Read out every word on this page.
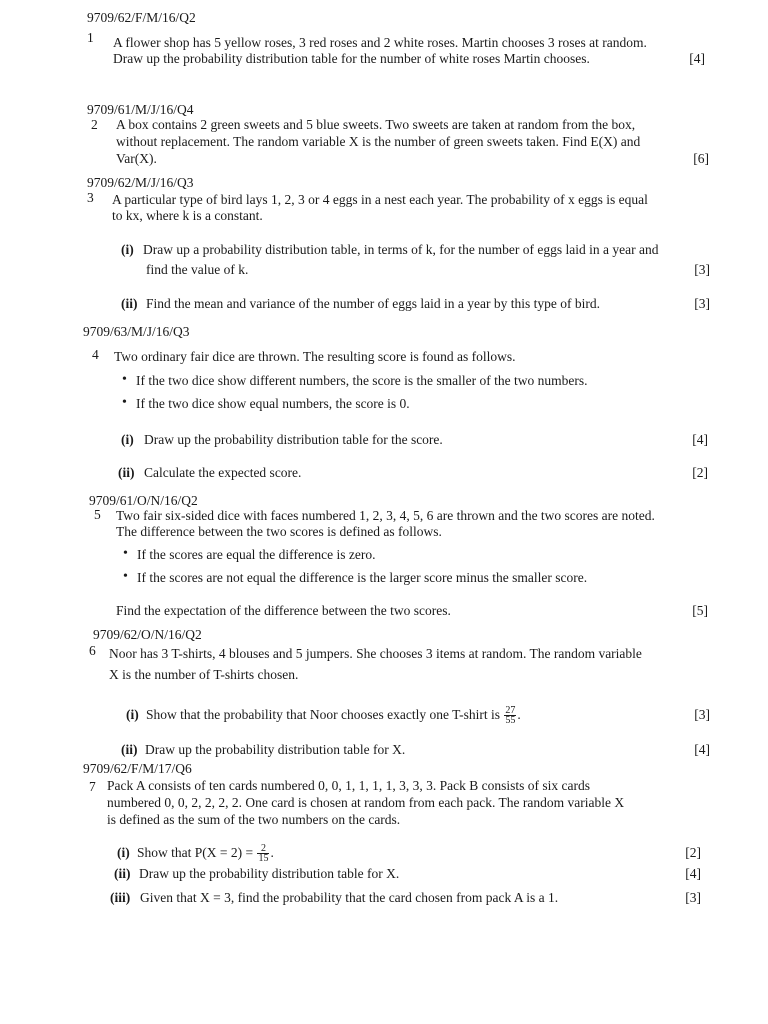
9709/62/F/M/16/Q2
1 A flower shop has 5 yellow roses, 3 red roses and 2 white roses. Martin chooses 3 roses at random.
Draw up the probability distribution table for the number of white roses Martin chooses.	[4]
9709/61/M/J/16/Q4
2 A box contains 2 green sweets and 5 blue sweets. Two sweets are taken at random from the box,
without replacement. The random variable X is the number of green sweets taken. Find E(X) and
Var(X).	[6]
9709/62/M/J/16/Q3
3 A particular type of bird lays 1, 2, 3 or 4 eggs in a nest each year. The probability of x eggs is equal
to kx, where k is a constant.
(i) Draw up a probability distribution table, in terms of k, for the number of eggs laid in a year and
find the value of k.	[3]
(ii) Find the mean and variance of the number of eggs laid in a year by this type of bird.	[3]
9709/63/M/J/16/Q3
4 Two ordinary fair dice are thrown. The resulting score is found as follows.
• If the two dice show different numbers, the score is the smaller of the two numbers.
• If the two dice show equal numbers, the score is 0.
(i) Draw up the probability distribution table for the score.	[4]
(ii) Calculate the expected score.	[2]
9709/61/O/N/16/Q2
5 Two fair six-sided dice with faces numbered 1, 2, 3, 4, 5, 6 are thrown and the two scores are noted.
The difference between the two scores is defined as follows.
• If the scores are equal the difference is zero.
• If the scores are not equal the difference is the larger score minus the smaller score.
Find the expectation of the difference between the two scores.	[5]
9709/62/O/N/16/Q2
6 Noor has 3 T-shirts, 4 blouses and 5 jumpers. She chooses 3 items at random. The random variable
X is the number of T-shirts chosen.
(i) Show that the probability that Noor chooses exactly one T-shirt is $\frac{27}{55}$ .	[3]
(ii) Draw up the probability distribution table for X.	[4]
9709/62/F/M/17/Q6
7 Pack A consists of ten cards numbered 0, 0, 1, 1, 1, 1, 3, 3, 3. Pack B consists of six cards
numbered 0, 0, 2, 2, 2, 2. One card is chosen at random from each pack. The random variable X
is defined as the sum of the two numbers on the cards.
(i) Show that $P(X = 2) = \frac{2}{15}$ .	[2]
(ii) Draw up the probability distribution table for X.	[4]
(iii) Given that X = 3, find the probability that the card chosen from pack A is a 1.	[3]
